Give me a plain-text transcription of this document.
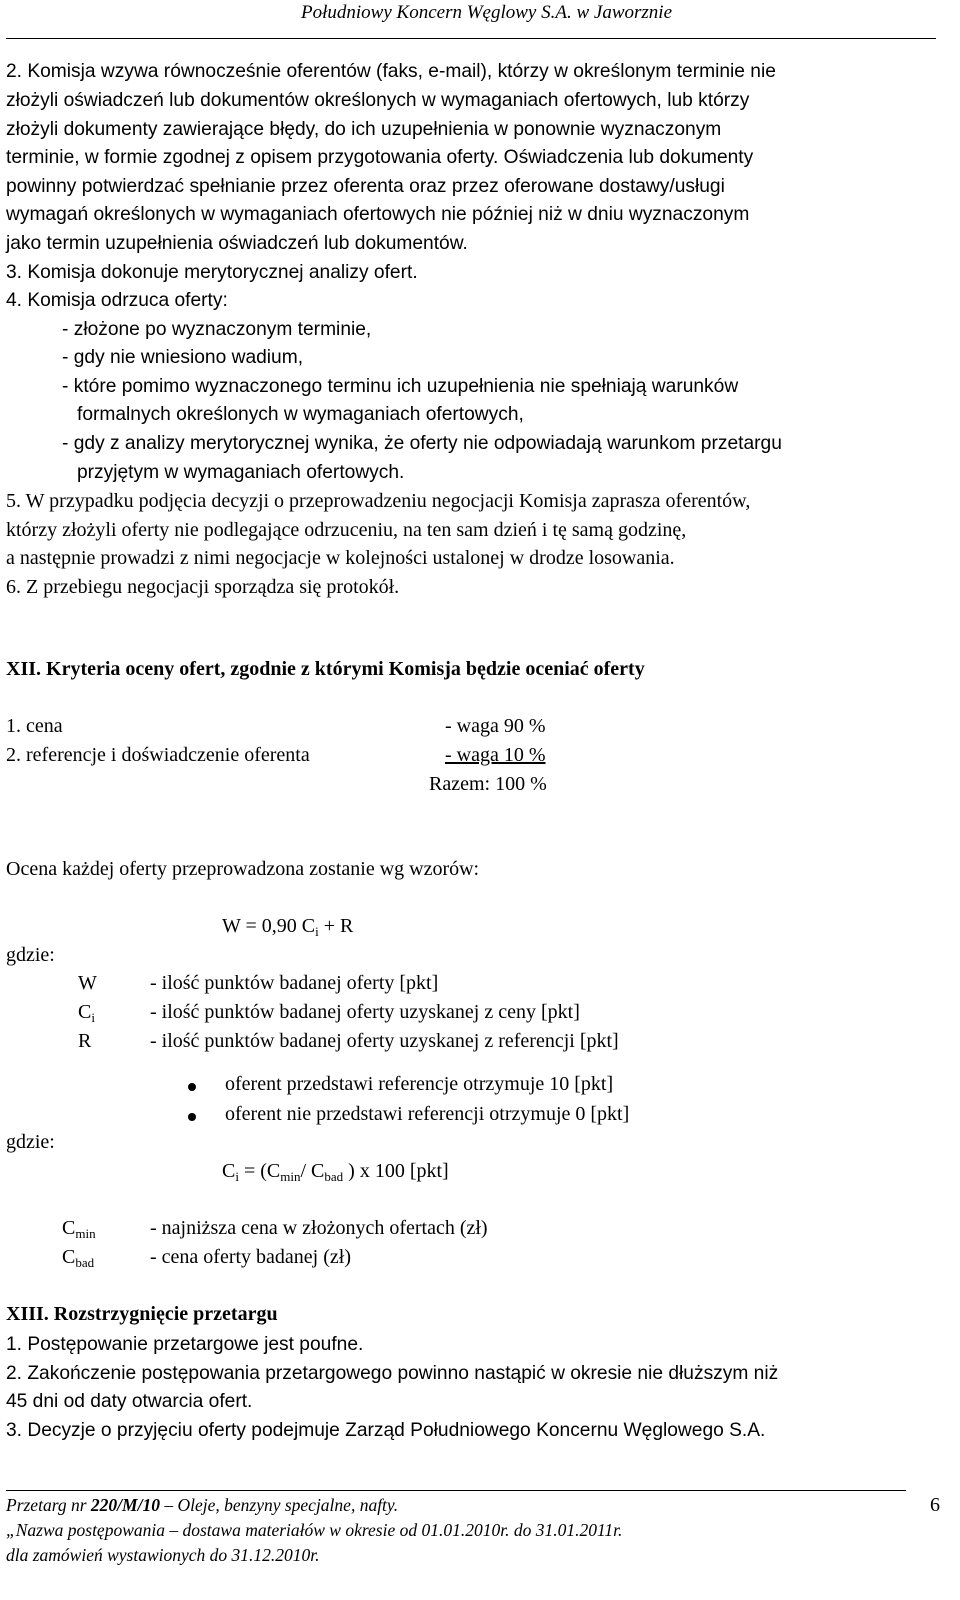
Południowy Koncern Węglowy S.A. w Jaworznie
2. Komisja wzywa równocześnie oferentów (faks, e-mail), którzy w określonym terminie nie
złożyli oświadczeń lub dokumentów określonych w wymaganiach ofertowych, lub którzy
złożyli dokumenty zawierające błędy, do ich uzupełnienia w ponownie wyznaczonym
terminie, w formie zgodnej z opisem przygotowania oferty. Oświadczenia lub dokumenty
powinny potwierdzać spełnianie przez oferenta oraz przez oferowane dostawy/usługi
wymagań określonych w wymaganiach ofertowych nie później niż w dniu wyznaczonym
jako termin uzupełnienia oświadczeń lub dokumentów.
3. Komisja dokonuje merytorycznej analizy ofert.
4. Komisja odrzuca oferty:
- złożone po wyznaczonym terminie,
- gdy nie wniesiono wadium,
- które pomimo wyznaczonego terminu ich uzupełnienia nie spełniają warunków
formalnych określonych w wymaganiach ofertowych,
- gdy z analizy merytorycznej wynika, że oferty nie odpowiadają warunkom przetargu
przyjętym w wymaganiach ofertowych.
5. W przypadku podjęcia decyzji o przeprowadzeniu negocjacji Komisja zaprasza oferentów,
którzy złożyli oferty nie podlegające odrzuceniu, na ten sam dzień i tę samą godzinę,
a następnie prowadzi z nimi negocjacje w kolejności ustalonej w drodze losowania.
6. Z przebiegu negocjacji sporządza się protokół.
XII. Kryteria oceny ofert, zgodnie z którymi Komisja będzie oceniać oferty
1. cena	- waga 90 %
2. referencje i doświadczenie oferenta	- waga 10 %
Razem: 100 %
Ocena każdej oferty przeprowadzona zostanie wg wzorów:
W = 0,90 $C_i + R$
gdzie:
W	- ilość punktów badanej oferty [pkt]
$C_i$	- ilość punktów badanej oferty uzyskanej z ceny [pkt]
R	- ilość punktów badanej oferty uzyskanej z referencji [pkt]
oferent przedstawi referencje otrzymuje 10 [pkt]
oferent nie przedstawi referencji otrzymuje 0 [pkt]
gdzie:
$C_i = (C_{min}/$ $C_{bad}$ ) x 100 [pkt]
$C_{min}$	- najniższa cena w złożonych ofertach (zł)
$C_{bad}$	- cena oferty badanej (zł)
XIII. Rozstrzygnięcie przetargu
1. Postępowanie przetargowe jest poufne.
2. Zakończenie postępowania przetargowego powinno nastąpić w okresie nie dłuższym niż
45 dni od daty otwarcia ofert.
3. Decyzje o przyjęciu oferty podejmuje Zarząd Południowego Koncernu Węglowego S.A.
Przetarg nr 220/M/10 – Oleje, benzyny specjalne, nafty.
„Nazwa postępowania – dostawa materiałów w okresie od 01.01.2010r. do 31.01.2011r.
dla zamówień wystawionych do 31.12.2010r.
6
